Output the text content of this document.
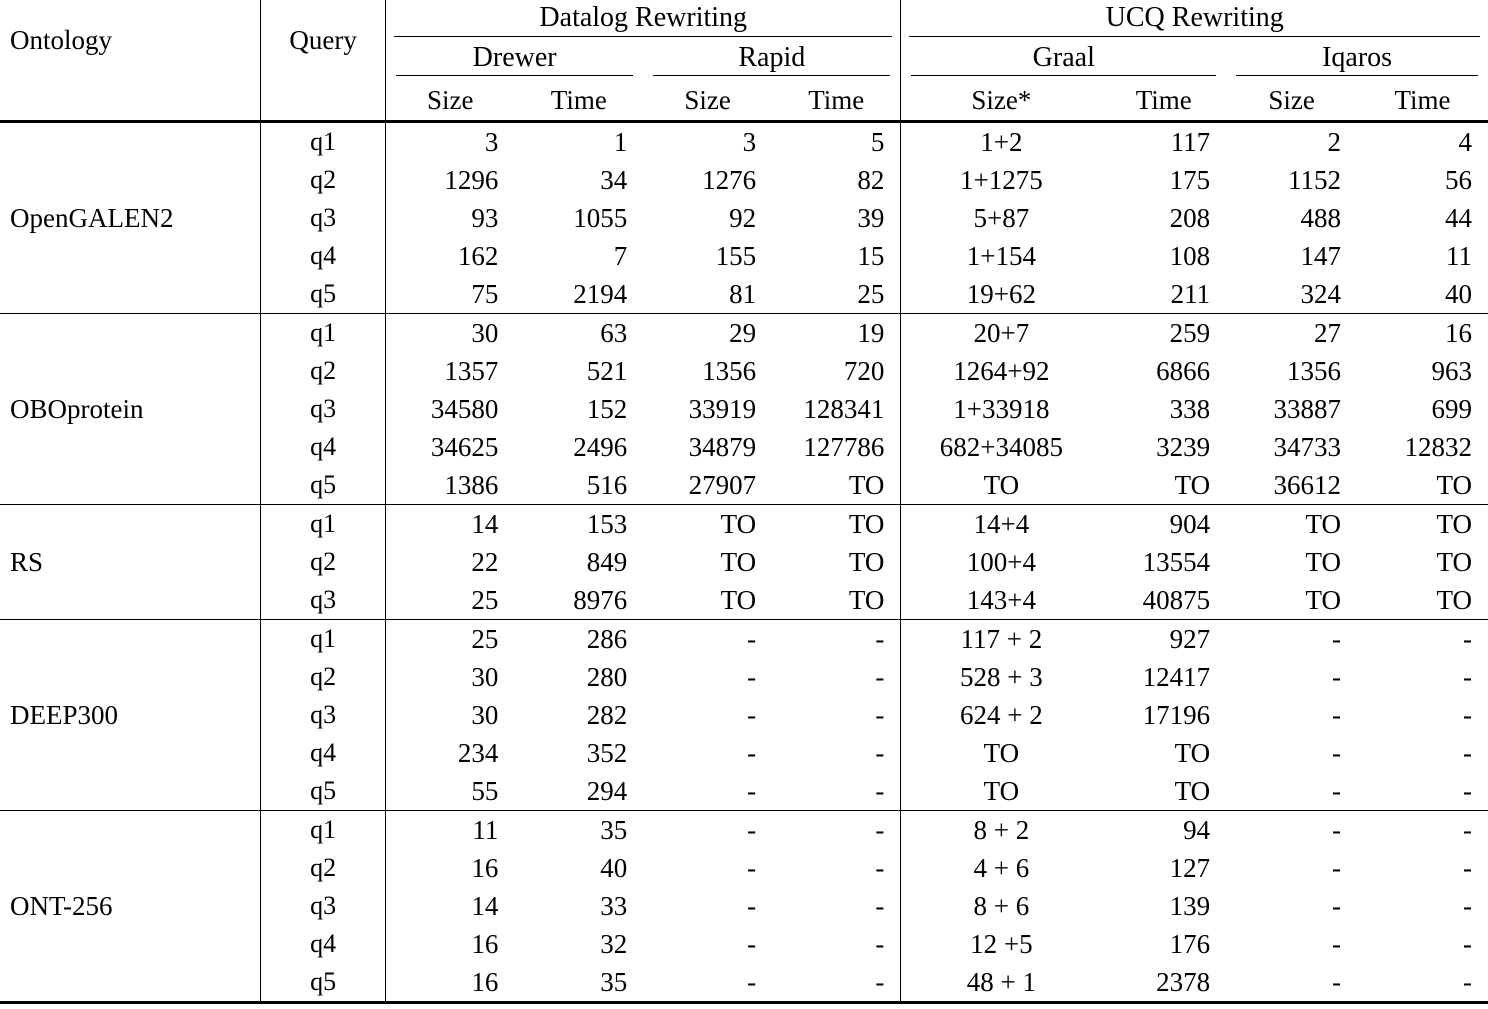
Ontology	Query	Datalog Rewriting				UCQ Rewriting			

		Drewer		Rapid		Graal		Iqaros	

		Size	Time	Size	Time	Size*	Time	Size	Time
OpenGALEN2	q1	3	1	3	5	1+2	117	2	4
	q2	1296	34	1276	82	1+1275	175	1152	56
	q3	93	1055	92	39	5+87	208	488	44
	q4	162	7	155	15	1+154	108	147	11
	q5	75	2194	81	25	19+62	211	324	40
OBOprotein	q1	30	63	29	19	20+7	259	27	16
	q2	1357	521	1356	720	1264+92	6866	1356	963
	q3	34580	152	33919	128341	1+33918	338	33887	699
	q4	34625	2496	34879	127786	682+34085	3239	34733	12832
	q5	1386	516	27907	TO	TO	TO	36612	TO
RS	q1	14	153	TO	TO	14+4	904	TO	TO
	q2	22	849	TO	TO	100+4	13554	TO	TO
	q3	25	8976	TO	TO	143+4	40875	TO	TO
DEEP300	q1	25	286	-	-	117 + 2	927	-	-
	q2	30	280	-	-	528 + 3	12417	-	-
	q3	30	282	-	-	624 + 2	17196	-	-
	q4	234	352	-	-	TO	TO	-	-
	q5	55	294	-	-	TO	TO	-	-
ONT-256	q1	11	35	-	-	8 + 2	94	-	-
	q2	16	40	-	-	4 + 6	127	-	-
	q3	14	33	-	-	8 + 6	139	-	-
	q4	16	32	-	-	12 +5	176	-	-
	q5	16	35	-	-	48 + 1	2378	-	-
